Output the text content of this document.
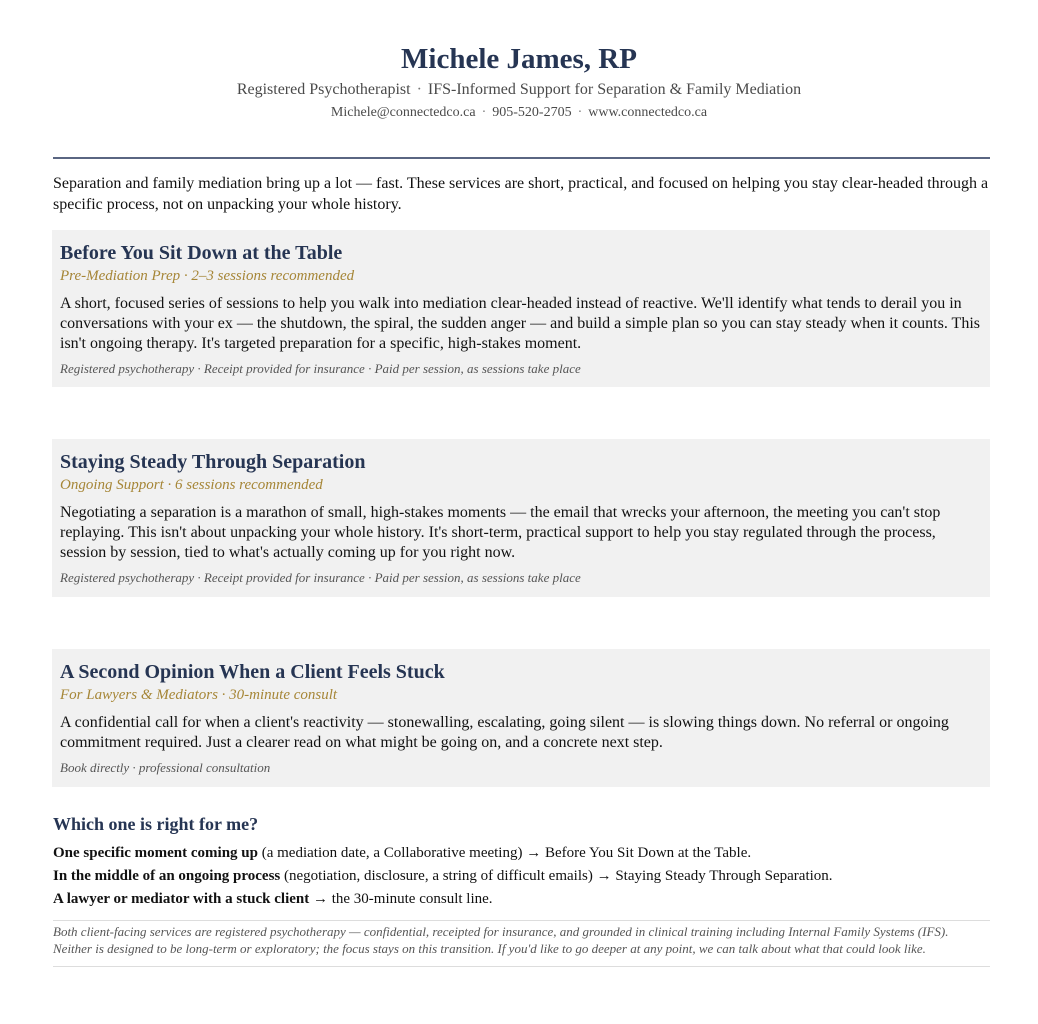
Michele James, RP
Registered Psychotherapist · IFS-Informed Support for Separation & Family Mediation
Michele@connectedco.ca · 905-520-2705 · www.connectedco.ca
Separation and family mediation bring up a lot — fast. These services are short, practical, and focused on helping you stay clear-headed through a specific process, not on unpacking your whole history.
Before You Sit Down at the Table
Pre-Mediation Prep · 2–3 sessions recommended
A short, focused series of sessions to help you walk into mediation clear-headed instead of reactive. We'll identify what tends to derail you in conversations with your ex — the shutdown, the spiral, the sudden anger — and build a simple plan so you can stay steady when it counts. This isn't ongoing therapy. It's targeted preparation for a specific, high-stakes moment.
Registered psychotherapy · Receipt provided for insurance · Paid per session, as sessions take place
Staying Steady Through Separation
Ongoing Support · 6 sessions recommended
Negotiating a separation is a marathon of small, high-stakes moments — the email that wrecks your afternoon, the meeting you can't stop replaying. This isn't about unpacking your whole history. It's short-term, practical support to help you stay regulated through the process, session by session, tied to what's actually coming up for you right now.
Registered psychotherapy · Receipt provided for insurance · Paid per session, as sessions take place
A Second Opinion When a Client Feels Stuck
For Lawyers & Mediators · 30-minute consult
A confidential call for when a client's reactivity — stonewalling, escalating, going silent — is slowing things down. No referral or ongoing commitment required. Just a clearer read on what might be going on, and a concrete next step.
Book directly · professional consultation
Which one is right for me?
One specific moment coming up (a mediation date, a Collaborative meeting) → Before You Sit Down at the Table.
In the middle of an ongoing process (negotiation, disclosure, a string of difficult emails) → Staying Steady Through Separation.
A lawyer or mediator with a stuck client → the 30-minute consult line.
Both client-facing services are registered psychotherapy — confidential, receipted for insurance, and grounded in clinical training including Internal Family Systems (IFS). Neither is designed to be long-term or exploratory; the focus stays on this transition. If you'd like to go deeper at any point, we can talk about what that could look like.
